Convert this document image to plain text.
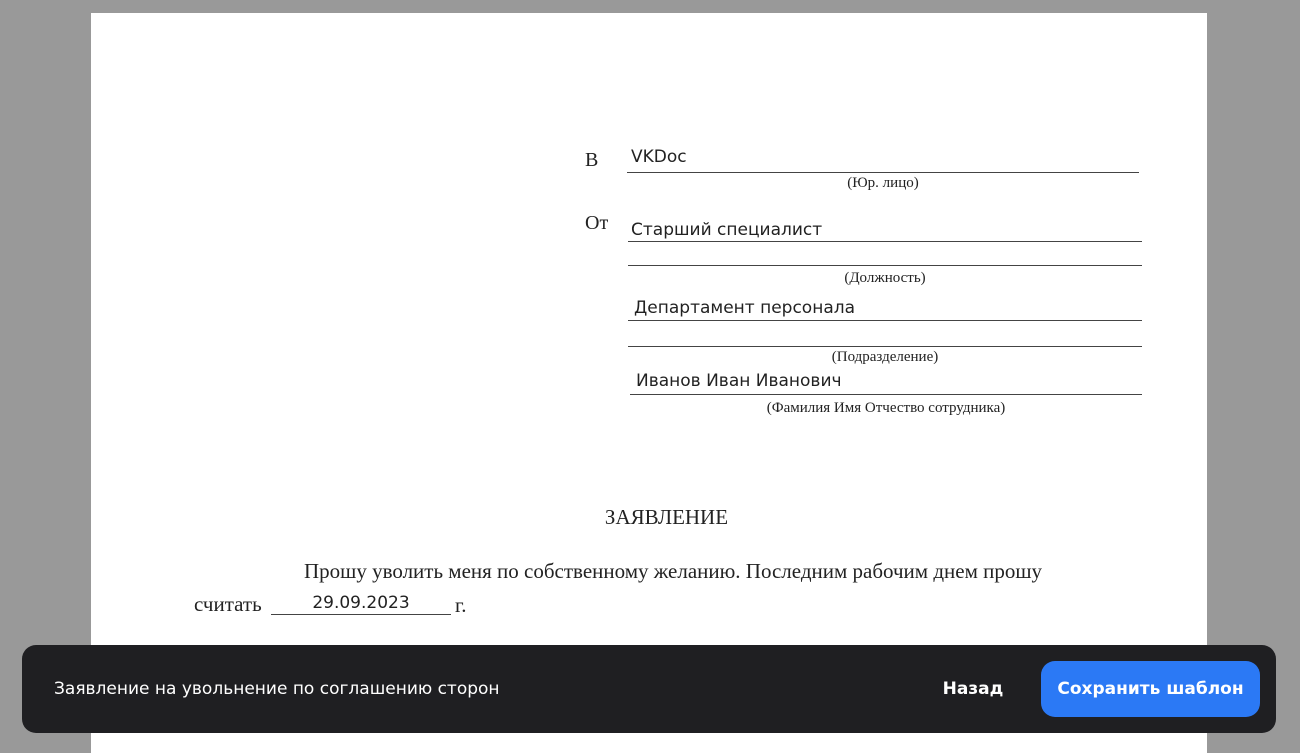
В VKDoc
(Юр. лицо)
От Старший специалист
(Должность)
Департамент персонала
(Подразделение)
Иванов Иван Иванович
(Фамилия Имя Отчество сотрудника)
ЗАЯВЛЕНИЕ
Прошу уволить меня по собственному желанию. Последним рабочим днем прошу
считать	29.09.2023	г.
Заявление на увольнение по соглашению сторон	Назад	Сохранить шаблон
